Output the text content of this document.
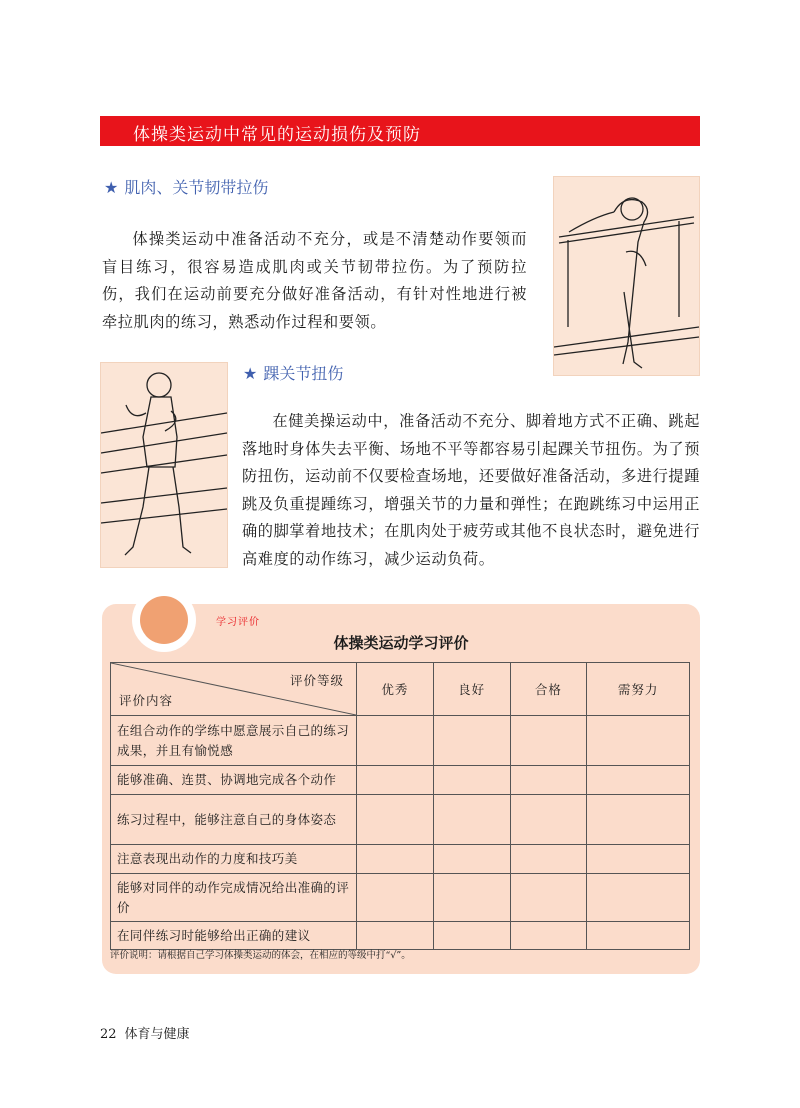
体操类运动中常见的运动损伤及预防
★ 肌肉、关节韧带拉伤

体操类运动中准备活动不充分，或是不清楚动作要领而盲目练习，很容易造成肌肉或关节韧带拉伤。为了预防拉伤，我们在运动前要充分做好准备活动，有针对性地进行被牵拉肌肉的练习，熟悉动作过程和要领。

★ 踝关节扭伤

在健美操运动中，准备活动不充分、脚着地方式不正确、跳起落地时身体失去平衡、场地不平等都容易引起踝关节扭伤。为了预防扭伤，运动前不仅要检查场地，还要做好准备活动，多进行提踵跳及负重提踵练习，增强关节的力量和弹性；在跑跳练习中运用正确的脚掌着地技术；在肌肉处于疲劳或其他不良状态时，避免进行高难度的动作练习，减少运动负荷。

学习评价
体操类运动学习评价
评价等级
评价内容	优秀	良好	合格	需努力
在组合动作的学练中愿意展示自己的练习成果，并且有愉悦感				
能够准确、连贯、协调地完成各个动作				
练习过程中，能够注意自己的身体姿态				
注意表现出动作的力度和技巧美				
能够对同伴的动作完成情况给出准确的评价				
在同伴练习时能够给出正确的建议				
评价说明：请根据自己学习体操类运动的体会，在相应的等级中打“√”。
22 体育与健康
